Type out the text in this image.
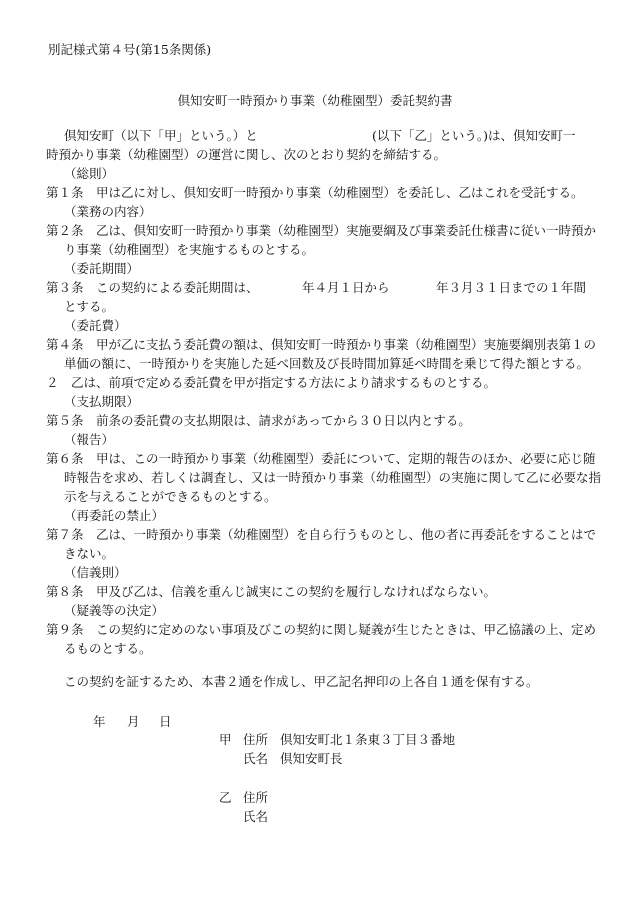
別記様式第４号(第15条関係)
倶知安町一時預かり事業（幼稚園型）委託契約書
倶知安町（以下「甲」という。）と	(以下「乙」という。)は、倶知安町一
時預かり事業（幼稚園型）の運営に関し、次のとおり契約を締結する。
（総則）
第１条　甲は乙に対し、倶知安町一時預かり事業（幼稚園型）を委託し、乙はこれを受託する。
（業務の内容）
第２条　乙は、倶知安町一時預かり事業（幼稚園型）実施要綱及び事業委託仕様書に従い一時預か
り事業（幼稚園型）を実施するものとする。
（委託期間）
第３条　この契約による委託期間は、	年４月１日から	年３月３１日までの１年間
とする。
（委託費）
第４条　甲が乙に支払う委託費の額は、倶知安町一時預かり事業（幼稚園型）実施要綱別表第１の
単価の額に、一時預かりを実施した延べ回数及び長時間加算延べ時間を乗じて得た額とする。
２　乙は、前項で定める委託費を甲が指定する方法により請求するものとする。
（支払期限）
第５条　前条の委託費の支払期限は、請求があってから３０日以内とする。
（報告）
第６条　甲は、この一時預かり事業（幼稚園型）委託について、定期的報告のほか、必要に応じ随
時報告を求め、若しくは調査し、又は一時預かり事業（幼稚園型）の実施に関して乙に必要な指
示を与えることができるものとする。
（再委託の禁止）
第７条　乙は、一時預かり事業（幼稚園型）を自ら行うものとし、他の者に再委託をすることはで
きない。
（信義則）
第８条　甲及び乙は、信義を重んじ誠実にこの契約を履行しなければならない。
（疑義等の決定）
第９条　この契約に定めのない事項及びこの契約に関し疑義が生じたときは、甲乙協議の上、定め
るものとする。
この契約を証するため、本書２通を作成し、甲乙記名押印の上各自１通を保有する。
年 月 日
甲 住所 倶知安町北１条東３丁目３番地
氏名 倶知安町長
乙 住所
氏名
